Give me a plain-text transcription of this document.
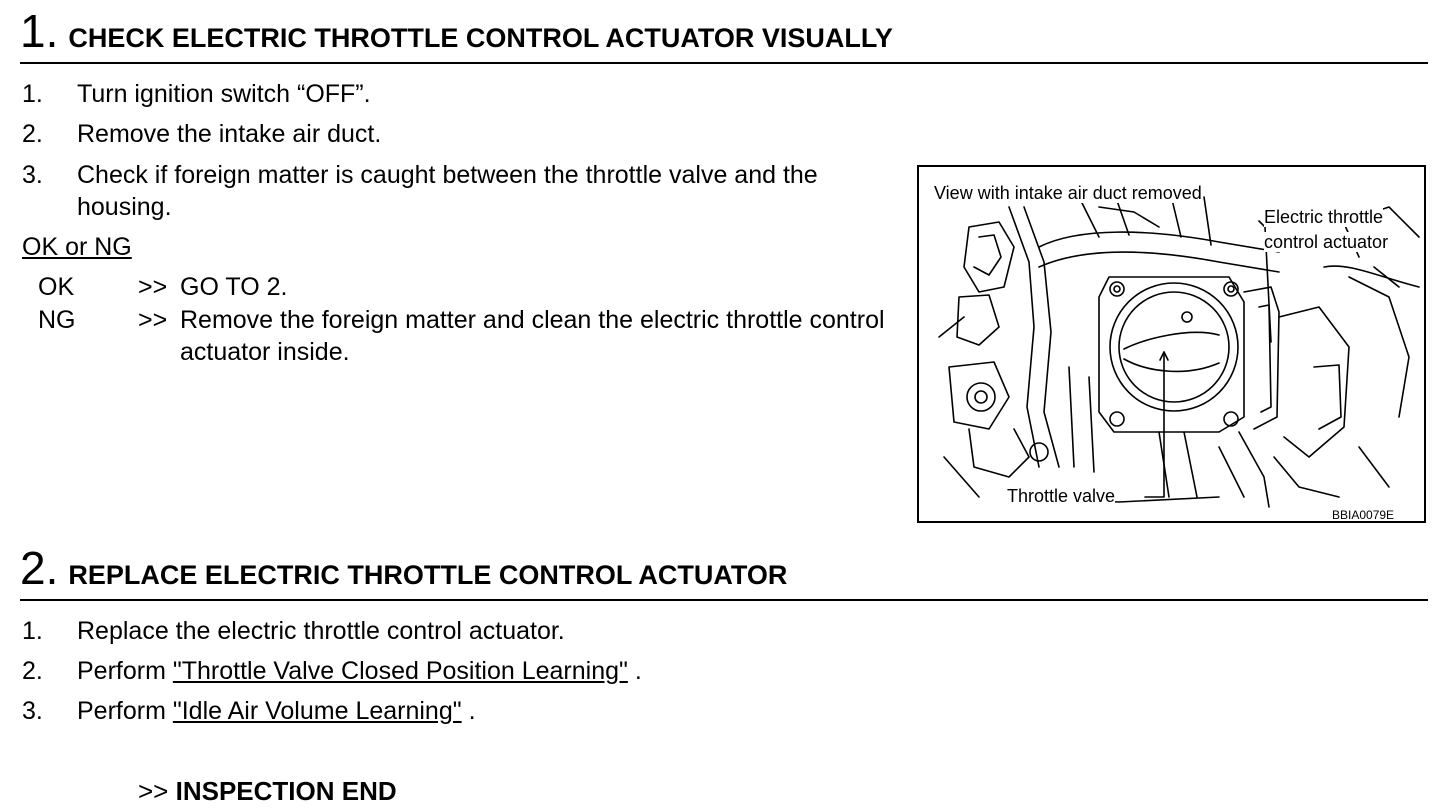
1. CHECK ELECTRIC THROTTLE CONTROL ACTUATOR VISUALLY
1. Turn ignition switch “OFF”.
2. Remove the intake air duct.
3. Check if foreign matter is caught between the throttle valve and the housing.
OK or NG
OK	>> GO TO 2.
NG	>> Remove the foreign matter and clean the electric throttle control actuator inside.
View with intake air duct removed
Electric throttle
control actuator
Throttle valve
BBIA0079E
2. REPLACE ELECTRIC THROTTLE CONTROL ACTUATOR
1. Replace the electric throttle control actuator.
2. Perform "Throttle Valve Closed Position Learning" .
3. Perform "Idle Air Volume Learning" .
>> INSPECTION END
